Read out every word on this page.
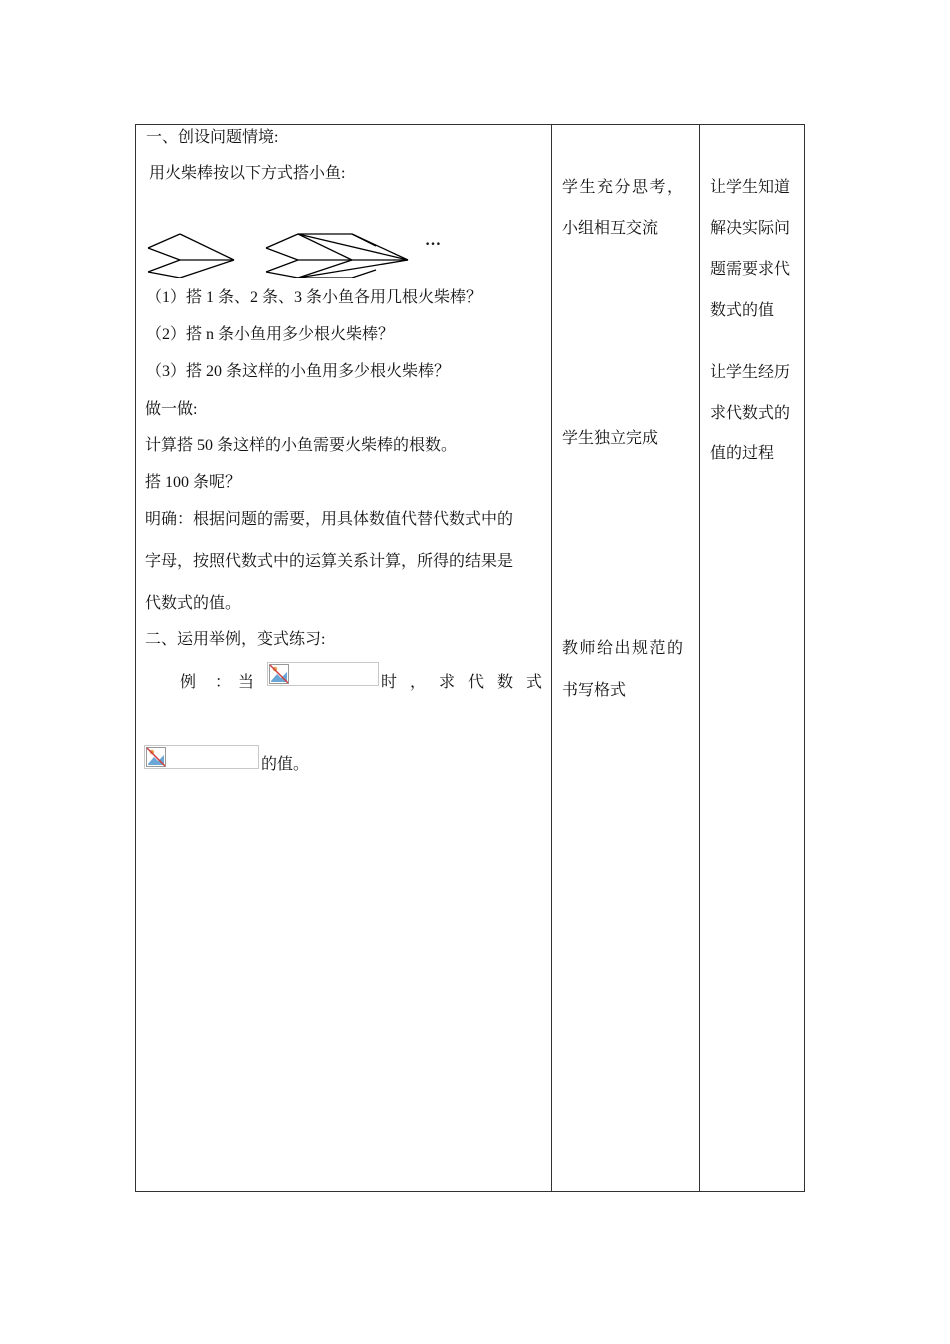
一、创设问题情境:
用火柴棒按以下方式搭小鱼:
…
（1）搭 1 条、2 条、3 条小鱼各用几根火柴棒？
（2）搭 n 条小鱼用多少根火柴棒？
（3）搭 20 条这样的小鱼用多少根火柴棒？
做一做:
计算搭 50 条这样的小鱼需要火柴棒的根数。
搭 100 条呢？
明确：根据问题的需要，用具体数值代替代数式中的
字母，按照代数式中的运算关系计算，所得的结果是
代数式的值。
二、运用举例，变式练习:
例 ： 当	时 ， 求 代 数 式
的值。
学生充分思考，
小组相互交流
学生独立完成
教师给出规范的
书写格式
让学生知道
解决实际问
题需要求代
数式的值
让学生经历
求代数式的
值的过程
